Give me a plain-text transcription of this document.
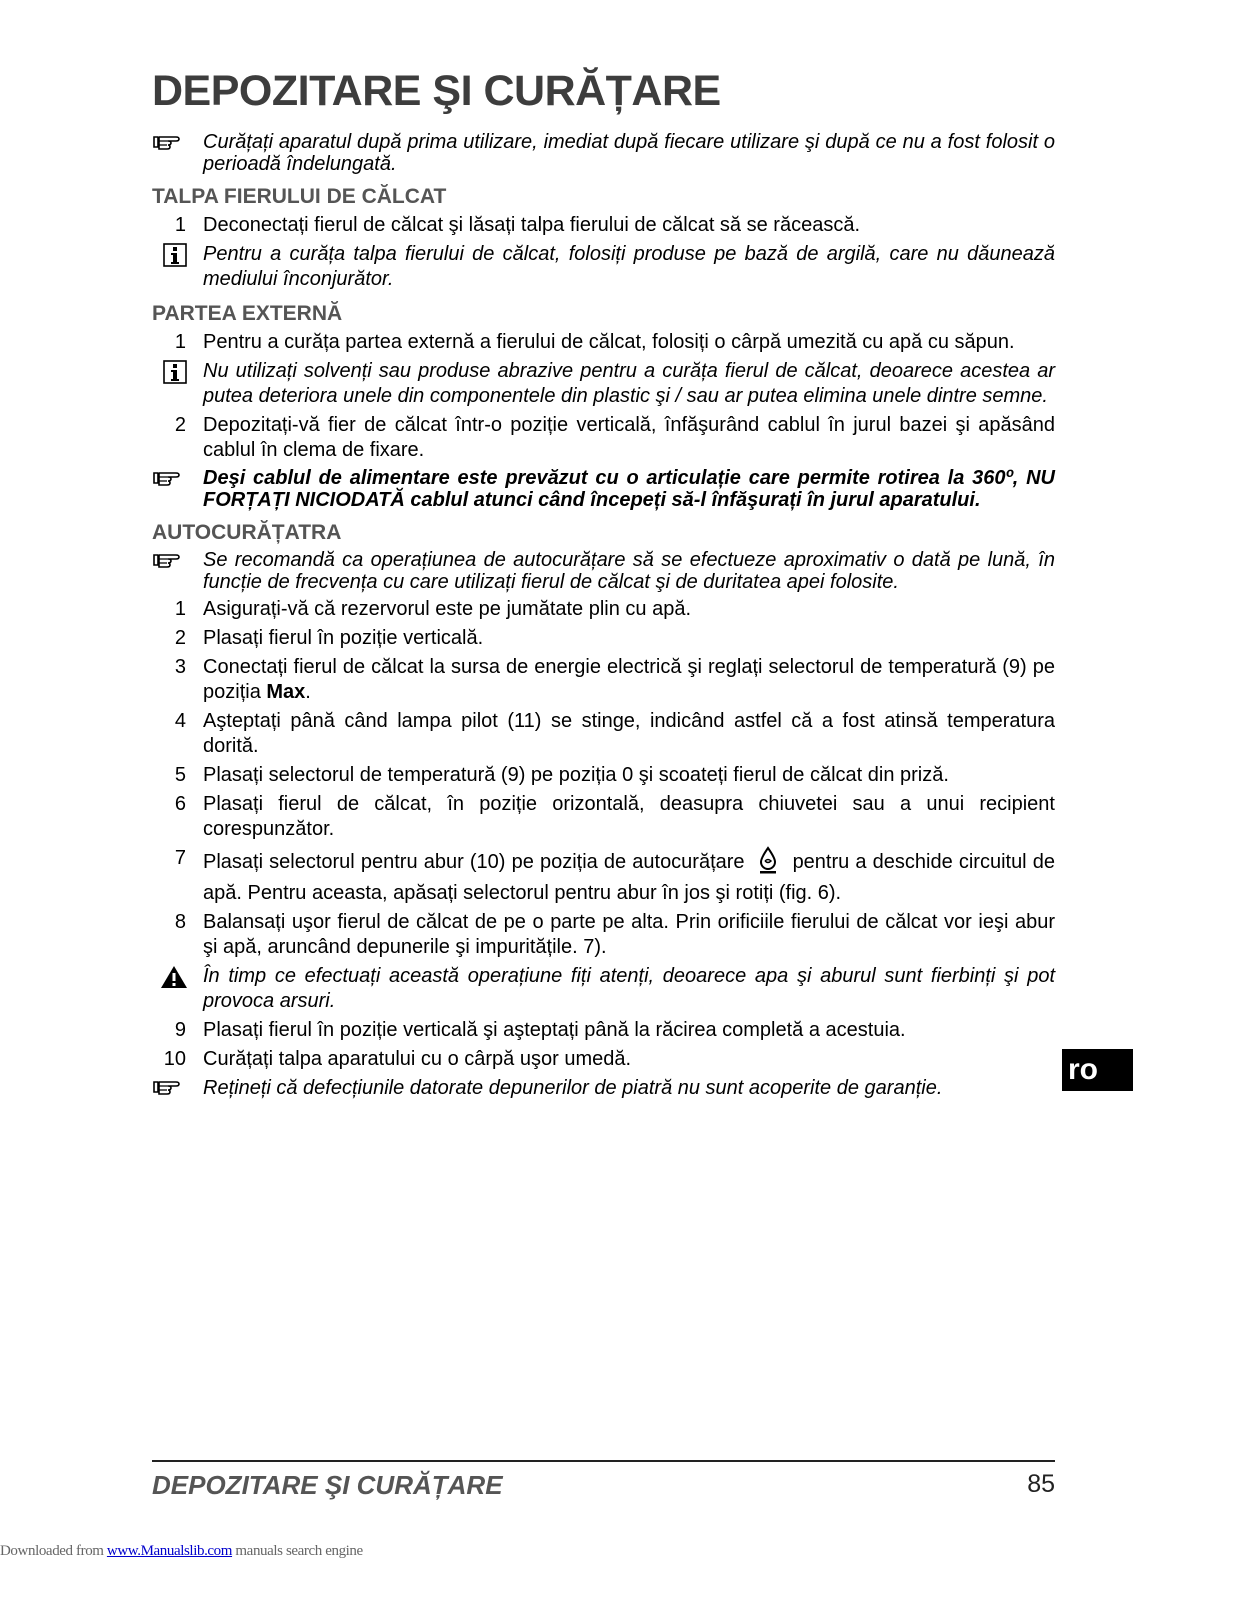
DEPOZITARE ŞI CURĂȚARE
Curățați aparatul după prima utilizare, imediat după fiecare utilizare şi după ce nu a fost folosit o perioadă îndelungată.
TALPA FIERULUI DE CĂLCAT
1 Deconectați fierul de călcat şi lăsați talpa fierului de călcat să se răcească.
Pentru a curăța talpa fierului de călcat, folosiți produse pe bază de argilă, care nu dăunează mediului înconjurător.
PARTEA EXTERNĂ
1 Pentru a curăța partea externă a fierului de călcat, folosiți o cârpă umezită cu apă cu săpun.
Nu utilizați solvenți sau produse abrazive pentru a curăța fierul de călcat, deoarece acestea ar putea deteriora unele din componentele din plastic şi / sau ar putea elimina unele dintre semne.
2 Depozitați-vă fier de călcat într-o poziție verticală, înfăşurând cablul în jurul bazei şi apăsând cablul în clema de fixare.
Deşi cablul de alimentare este prevăzut cu o articulație care permite rotirea la 360º, NU FORȚAȚI NICIODATĂ cablul atunci când începeți să-l înfăşurați în jurul aparatului.
AUTOCURĂȚATRA
Se recomandă ca operațiunea de autocurățare să se efectueze aproximativ o dată pe lună, în funcție de frecvența cu care utilizați fierul de călcat şi de duritatea apei folosite.
1 Asigurați-vă că rezervorul este pe jumătate plin cu apă.
2 Plasați fierul în poziție verticală.
3 Conectați fierul de călcat la sursa de energie electrică şi reglați selectorul de temperatură (9) pe poziția Max.
4 Aşteptați până când lampa pilot (11) se stinge, indicând astfel că a fost atinsă temperatura dorită.
5 Plasați selectorul de temperatură (9) pe poziția 0 şi scoateți fierul de călcat din priză.
6 Plasați fierul de călcat, în poziție orizontală, deasupra chiuvetei sau a unui recipient corespunzător.
7 Plasați selectorul pentru abur (10) pe poziția de autocurățare pentru a deschide circuitul de apă. Pentru aceasta, apăsați selectorul pentru abur în jos şi rotiți (fig. 6).
8 Balansați uşor fierul de călcat de pe o parte pe alta. Prin orificiile fierului de călcat vor ieşi abur şi apă, aruncând depunerile şi impuritățile. 7).
În timp ce efectuați această operațiune fiți atenți, deoarece apa şi aburul sunt fierbinți şi pot provoca arsuri.
9 Plasați fierul în poziție verticală şi aşteptați până la răcirea completă a acestuia.
10 Curățați talpa aparatului cu o cârpă uşor umedă.
Rețineți că defecțiunile datorate depunerilor de piatră nu sunt acoperite de garanție.
ro
DEPOZITARE ŞI CURĂȚARE	85
Downloaded from www.Manualslib.com manuals search engine
